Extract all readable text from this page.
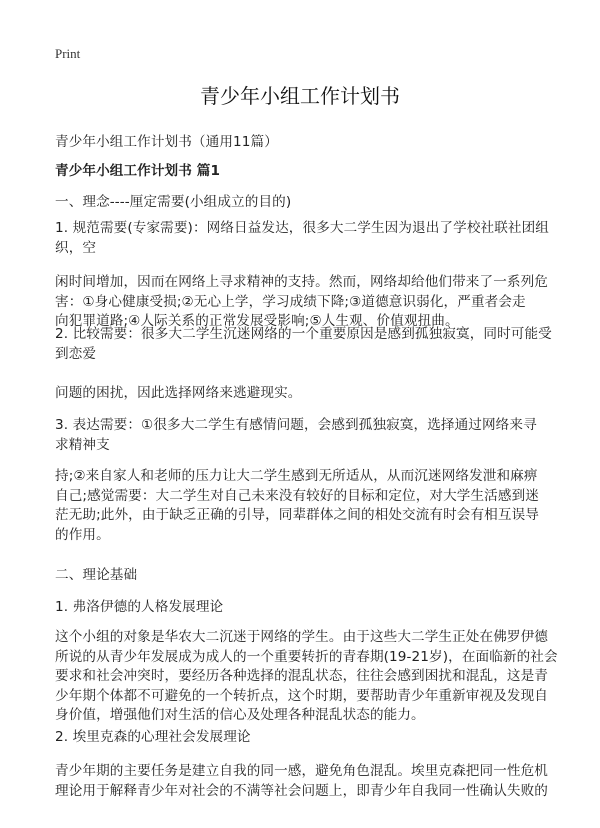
Print
青少年小组工作计划书
青少年小组工作计划书（通用11篇）
青少年小组工作计划书 篇1
一、理念----厘定需要(小组成立的目的)
1. 规范需要(专家需要)：网络日益发达，很多大二学生因为退出了学校社联社团组
织，空
闲时间增加，因而在网络上寻求精神的支持。然而，网络却给他们带来了一系列危
害：①身心健康受损;②无心上学，学习成绩下降;③道德意识弱化，严重者会走
向犯罪道路;④人际关系的正常发展受影响;⑤人生观、价值观扭曲。
2. 比较需要：很多大二学生沉迷网络的一个重要原因是感到孤独寂寞，同时可能受
到恋爱
问题的困扰，因此选择网络来逃避现实。
3. 表达需要：①很多大二学生有感情问题，会感到孤独寂寞，选择通过网络来寻
求精神支
持;②来自家人和老师的压力让大二学生感到无所适从，从而沉迷网络发泄和麻痹
自己;感觉需要：大二学生对自己未来没有较好的目标和定位，对大学生活感到迷
茫无助;此外，由于缺乏正确的引导，同辈群体之间的相处交流有时会有相互误导
的作用。
二、理论基础
1. 弗洛伊德的人格发展理论
这个小组的对象是华农大二沉迷于网络的学生。由于这些大二学生正处在佛罗伊德
所说的从青少年发展成为成人的一个重要转折的青春期(19-21岁)，在面临新的社会
要求和社会冲突时，要经历各种选择的混乱状态，往往会感到困扰和混乱，这是青
少年期个体都不可避免的一个转折点，这个时期，要帮助青少年重新审视及发现自
身价值，增强他们对生活的信心及处理各种混乱状态的能力。
2. 埃里克森的心理社会发展理论
青少年期的主要任务是建立自我的同一感，避免角色混乱。埃里克森把同一性危机
理论用于解释青少年对社会的不满等社会问题上，即青少年自我同一性确认失败的
